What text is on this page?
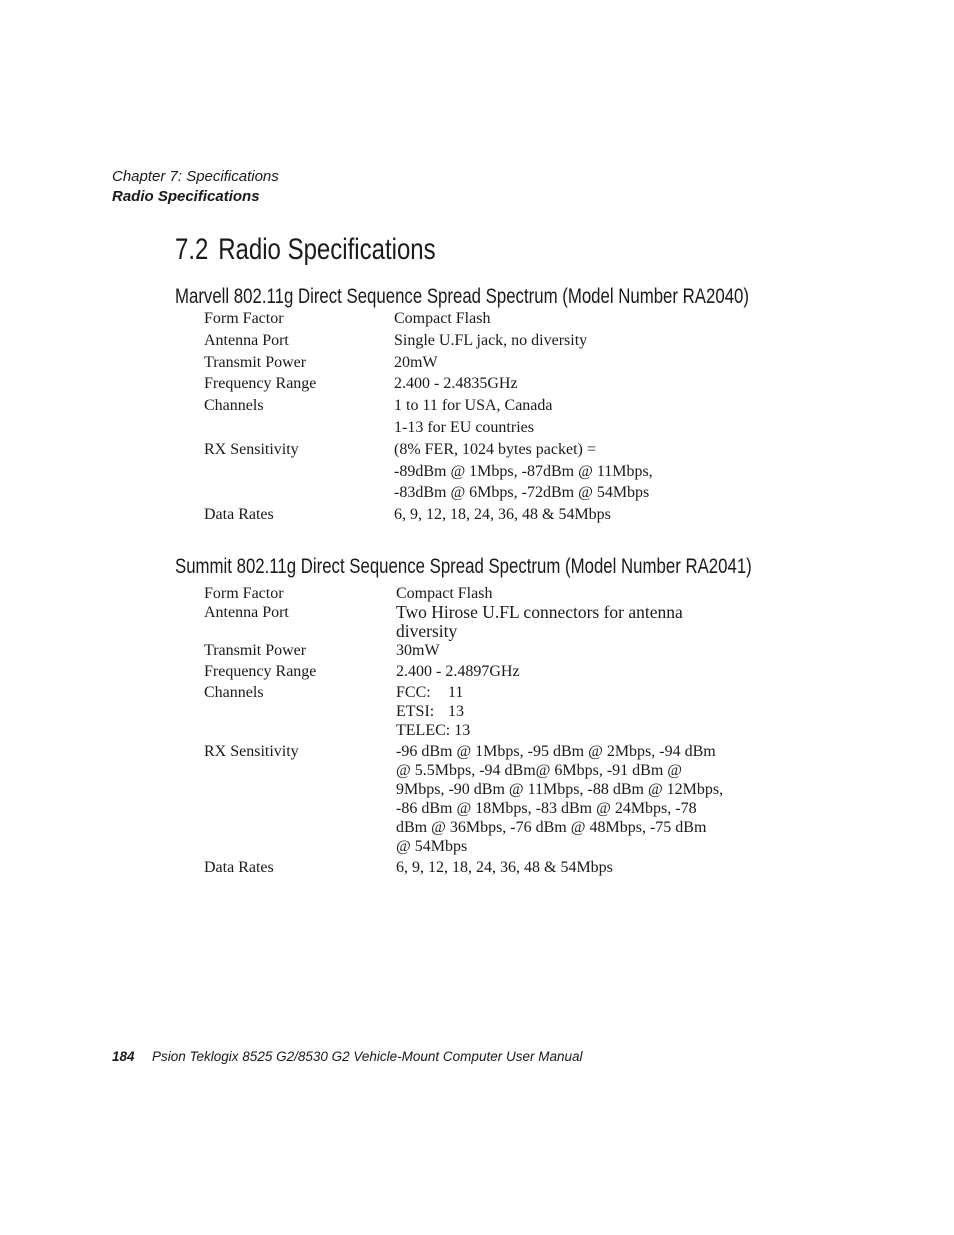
Chapter 7: Specifications
Radio Specifications
7.2 Radio Specifications
Marvell 802.11g Direct Sequence Spread Spectrum (Model Number RA2040)
Form Factor	Compact Flash
Antenna Port	Single U.FL jack, no diversity
Transmit Power	20mW
Frequency Range	2.400 - 2.4835GHz
Channels	1 to 11 for USA, Canada
1-13 for EU countries
RX Sensitivity	(8% FER, 1024 bytes packet) =
-89dBm @ 1Mbps, -87dBm @ 11Mbps,
-83dBm @ 6Mbps, -72dBm @ 54Mbps
Data Rates	6, 9, 12, 18, 24, 36, 48 & 54Mbps
Summit 802.11g Direct Sequence Spread Spectrum (Model Number RA2041)
Form Factor	Compact Flash
Antenna Port	Two Hirose U.FL connectors for antenna
diversity
Transmit Power	30mW
Frequency Range	2.400 - 2.4897GHz
Channels	FCC: 11
ETSI: 13
TELEC: 13
RX Sensitivity	-96 dBm @ 1Mbps, -95 dBm @ 2Mbps, -94 dBm
@ 5.5Mbps, -94 dBm@ 6Mbps, -91 dBm @
9Mbps, -90 dBm @ 11Mbps, -88 dBm @ 12Mbps,
-86 dBm @ 18Mbps, -83 dBm @ 24Mbps, -78
dBm @ 36Mbps, -76 dBm @ 48Mbps, -75 dBm
@ 54Mbps
Data Rates	6, 9, 12, 18, 24, 36, 48 & 54Mbps
184 Psion Teklogix 8525 G2/8530 G2 Vehicle-Mount Computer User Manual
